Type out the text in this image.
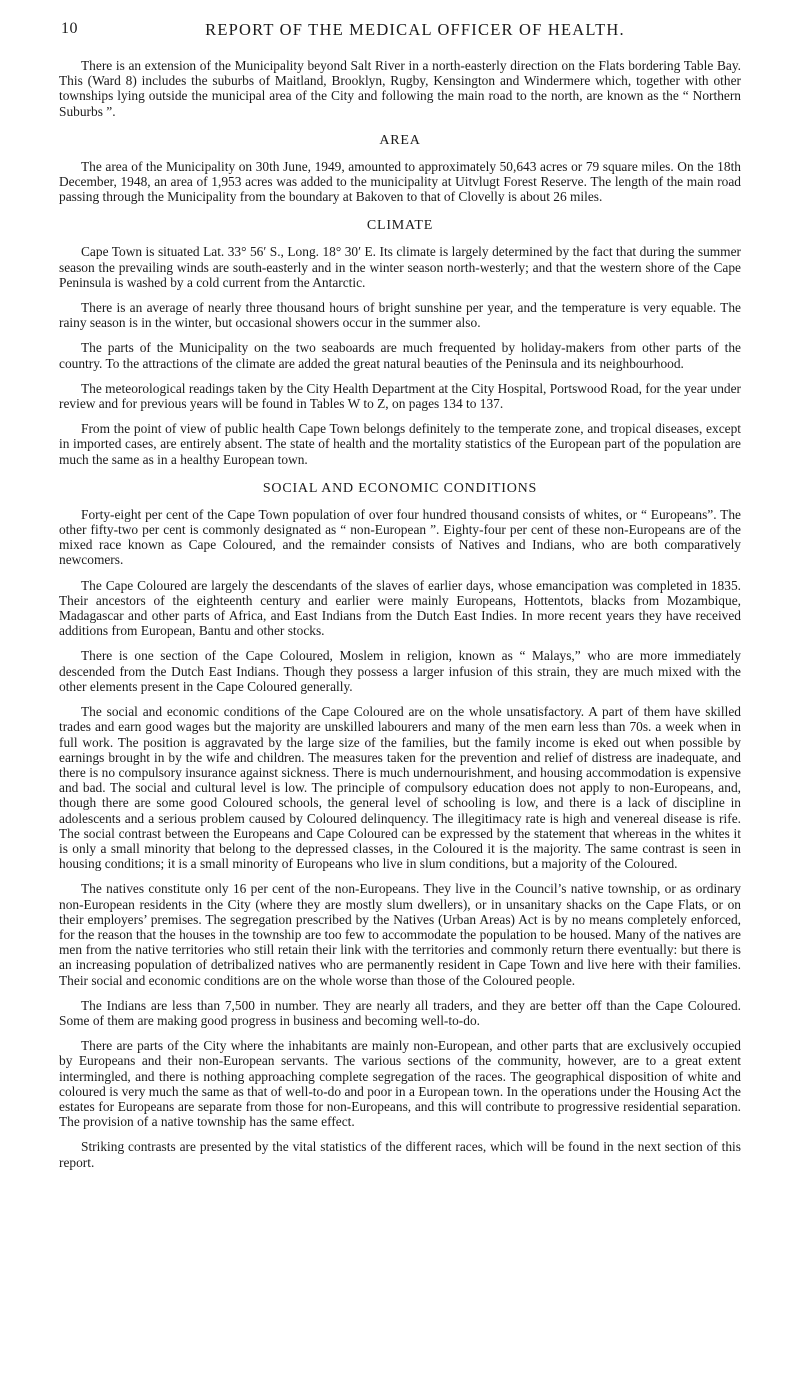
10	REPORT OF THE MEDICAL OFFICER OF HEALTH.

There is an extension of the Municipality beyond Salt River in a north-easterly direction on the Flats bordering Table Bay. This (Ward 8) includes the suburbs of Maitland, Brooklyn, Rugby, Kensington and Windermere which, together with other townships lying outside the municipal area of the City and following the main road to the north, are known as the “ Northern Suburbs ”.

AREA

The area of the Municipality on 30th June, 1949, amounted to approximately 50,643 acres or 79 square miles. On the 18th December, 1948, an area of 1,953 acres was added to the municipality at Uitvlugt Forest Reserve. The length of the main road passing through the Municipality from the boundary at Bakoven to that of Clovelly is about 26 miles.

CLIMATE

Cape Town is situated Lat. 33° 56′ S., Long. 18° 30′ E. Its climate is largely determined by the fact that during the summer season the prevailing winds are south-easterly and in the winter season north-westerly; and that the western shore of the Cape Peninsula is washed by a cold current from the Antarctic.

There is an average of nearly three thousand hours of bright sunshine per year, and the temperature is very equable. The rainy season is in the winter, but occasional showers occur in the summer also.

The parts of the Municipality on the two seaboards are much frequented by holiday-makers from other parts of the country. To the attractions of the climate are added the great natural beauties of the Peninsula and its neighbourhood.

The meteorological readings taken by the City Health Department at the City Hospital, Portswood Road, for the year under review and for previous years will be found in Tables W to Z, on pages 134 to 137.

From the point of view of public health Cape Town belongs definitely to the temperate zone, and tropical diseases, except in imported cases, are entirely absent. The state of health and the mortality statistics of the European part of the population are much the same as in a healthy European town.

SOCIAL AND ECONOMIC CONDITIONS

Forty-eight per cent of the Cape Town population of over four hundred thousand consists of whites, or “ Europeans”. The other fifty-two per cent is commonly designated as “ non-European ”. Eighty-four per cent of these non-Europeans are of the mixed race known as Cape Coloured, and the remainder consists of Natives and Indians, who are both comparatively newcomers.

The Cape Coloured are largely the descendants of the slaves of earlier days, whose emancipation was completed in 1835. Their ancestors of the eighteenth century and earlier were mainly Europeans, Hottentots, blacks from Mozambique, Madagascar and other parts of Africa, and East Indians from the Dutch East Indies. In more recent years they have received additions from European, Bantu and other stocks.

There is one section of the Cape Coloured, Moslem in religion, known as “ Malays,” who are more immediately descended from the Dutch East Indians. Though they possess a larger infusion of this strain, they are much mixed with the other elements present in the Cape Coloured generally.

The social and economic conditions of the Cape Coloured are on the whole unsatisfactory. A part of them have skilled trades and earn good wages but the majority are unskilled labourers and many of the men earn less than 70s. a week when in full work. The position is aggravated by the large size of the families, but the family income is eked out when possible by earnings brought in by the wife and children. The measures taken for the prevention and relief of distress are inadequate, and there is no compulsory insurance against sickness. There is much undernourishment, and housing accommodation is expensive and bad. The social and cultural level is low. The principle of compulsory education does not apply to non-Europeans, and, though there are some good Coloured schools, the general level of schooling is low, and there is a lack of discipline in adolescents and a serious problem caused by Coloured delinquency. The illegitimacy rate is high and venereal disease is rife. The social contrast between the Europeans and Cape Coloured can be expressed by the statement that whereas in the whites it is only a small minority that belong to the depressed classes, in the Coloured it is the majority. The same contrast is seen in housing conditions; it is a small minority of Europeans who live in slum conditions, but a majority of the Coloured.

The natives constitute only 16 per cent of the non-Europeans. They live in the Council’s native township, or as ordinary non-European residents in the City (where they are mostly slum dwellers), or in unsanitary shacks on the Cape Flats, or on their employers’ premises. The segregation prescribed by the Natives (Urban Areas) Act is by no means completely enforced, for the reason that the houses in the township are too few to accommodate the population to be housed. Many of the natives are men from the native territories who still retain their link with the territories and commonly return there eventually: but there is an increasing population of detribalized natives who are permanently resident in Cape Town and live here with their families. Their social and economic conditions are on the whole worse than those of the Coloured people.

The Indians are less than 7,500 in number. They are nearly all traders, and they are better off than the Cape Coloured. Some of them are making good progress in business and becoming well-to-do.

There are parts of the City where the inhabitants are mainly non-European, and other parts that are exclusively occupied by Europeans and their non-European servants. The various sections of the community, however, are to a great extent intermingled, and there is nothing approaching complete segregation of the races. The geographical disposition of white and coloured is very much the same as that of well-to-do and poor in a European town. In the operations under the Housing Act the estates for Europeans are separate from those for non-Europeans, and this will contribute to progressive residential separation. The provision of a native township has the same effect.

Striking contrasts are presented by the vital statistics of the different races, which will be found in the next section of this report.
